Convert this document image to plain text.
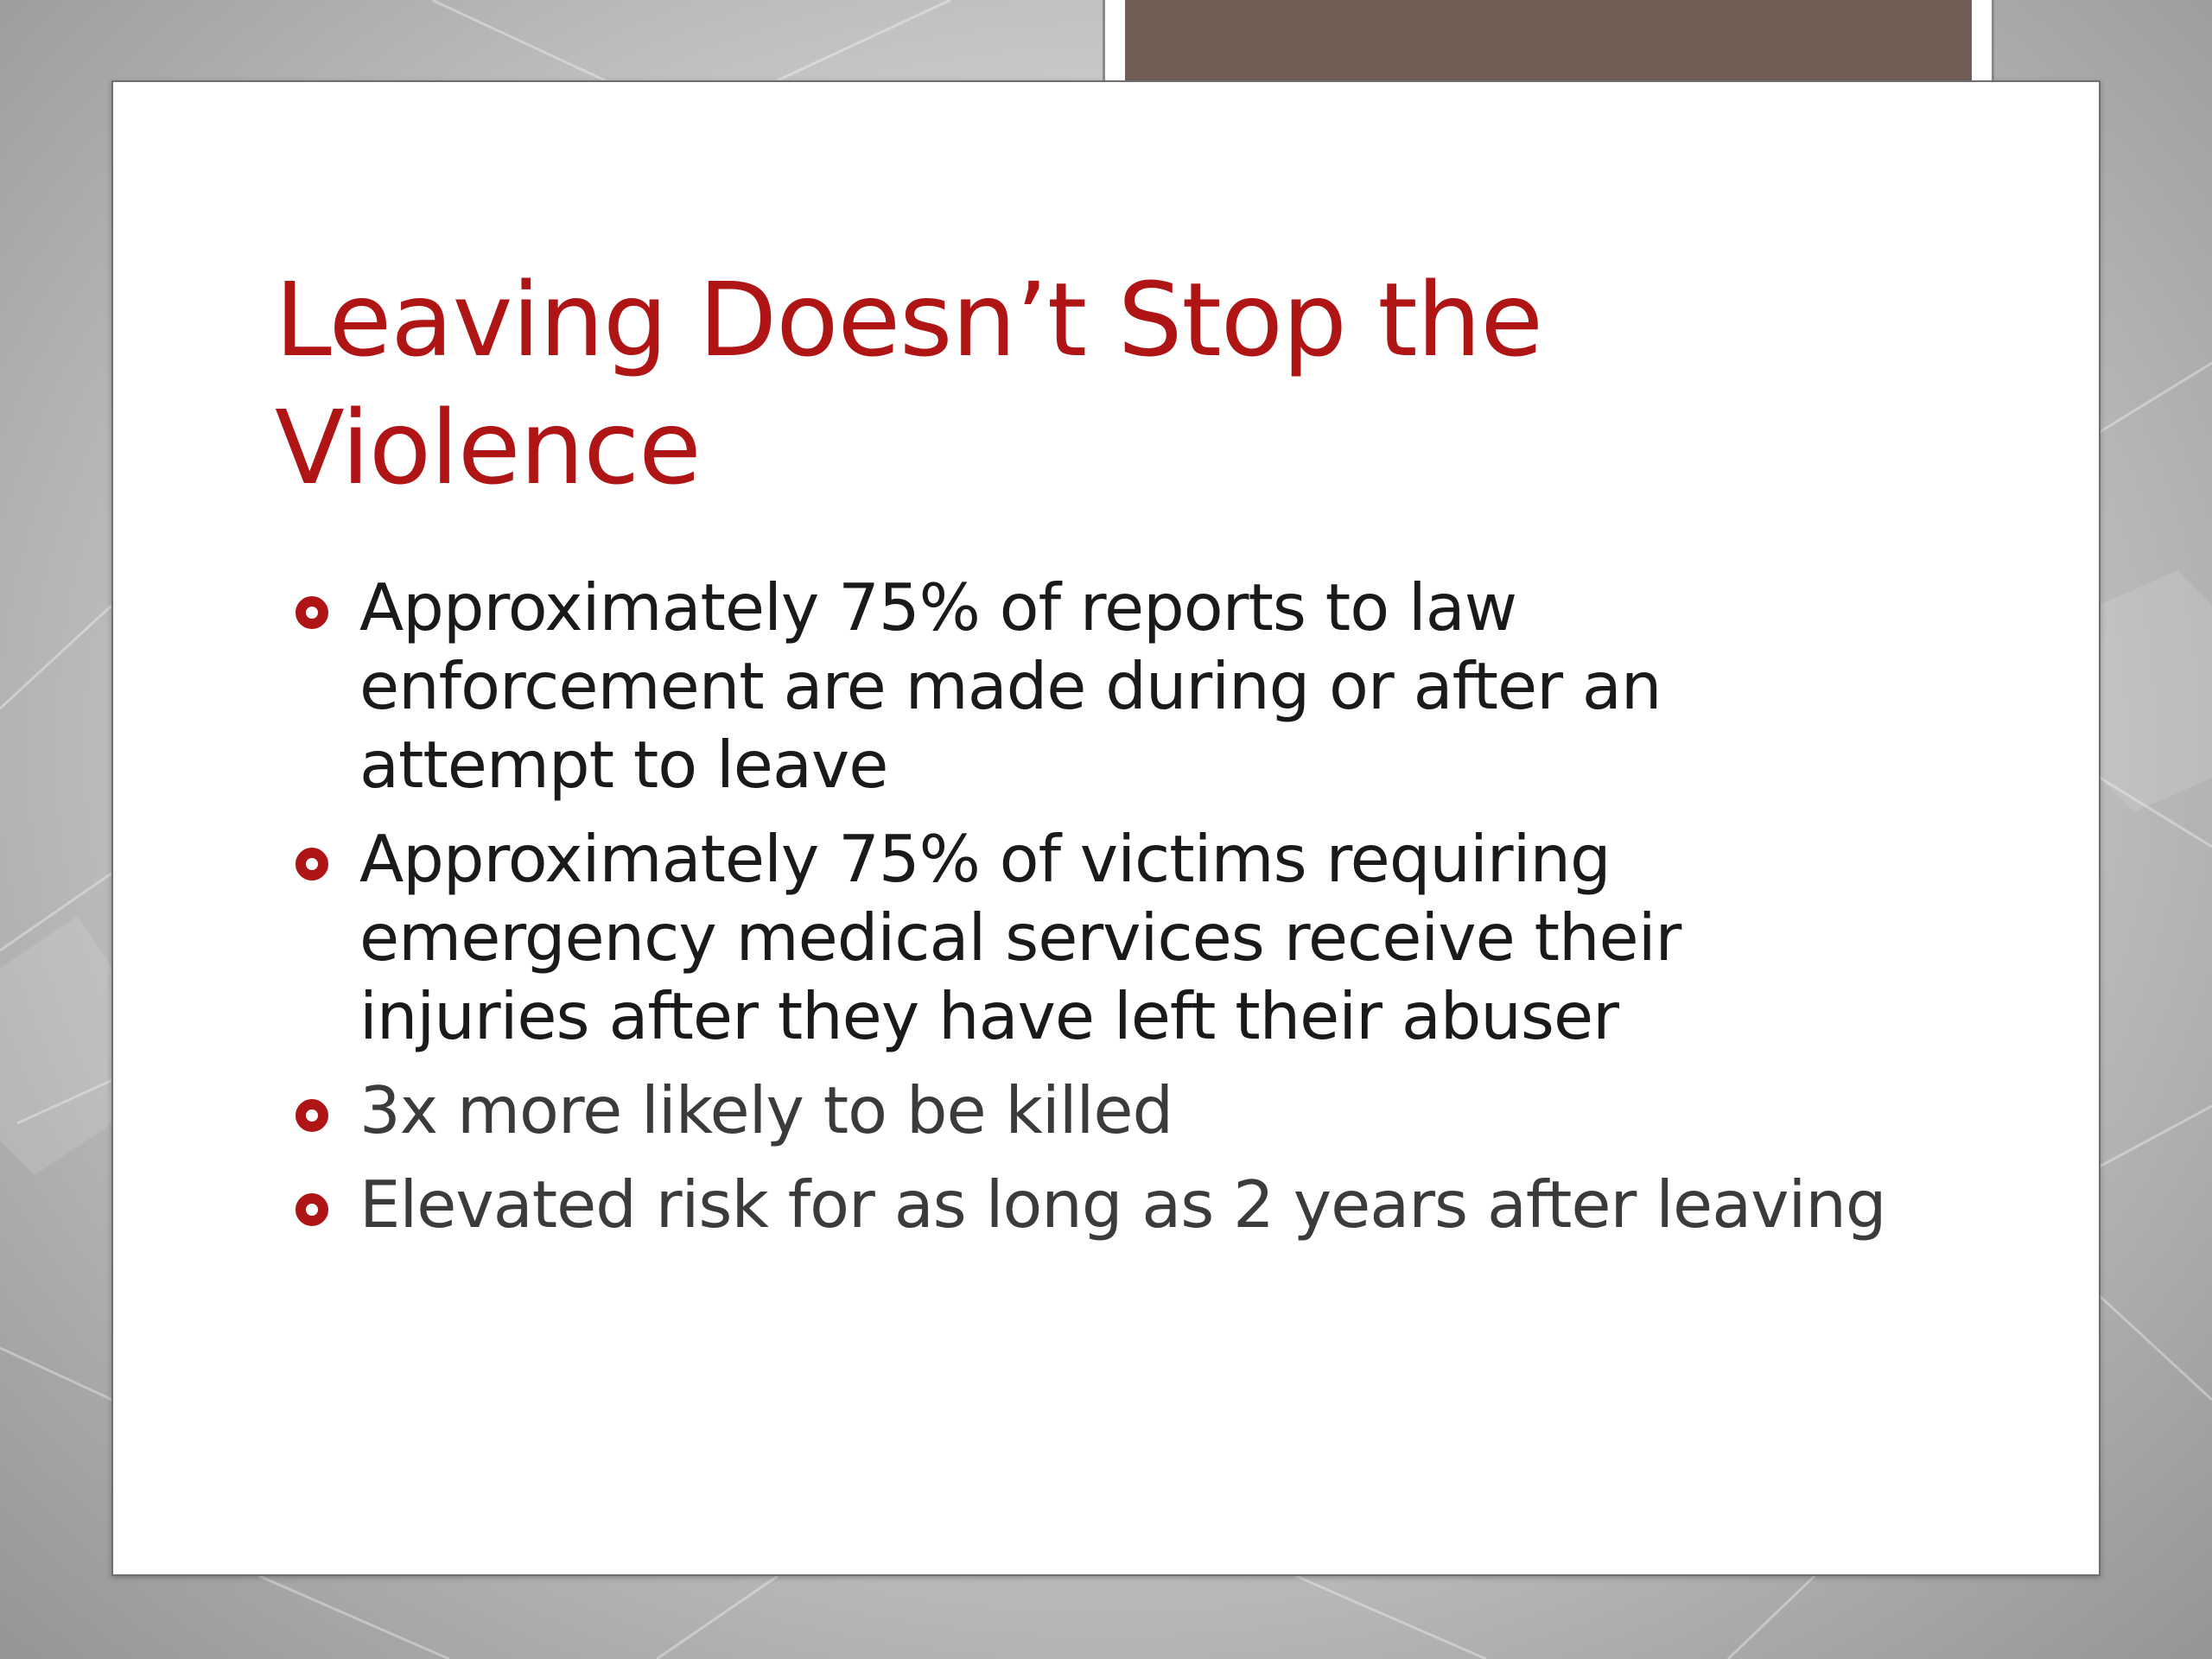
Leaving Doesn’t Stop the Violence
Approximately 75% of reports to law enforcement are made during or after an attempt to leave
Approximately 75% of victims requiring emergency medical services receive their injuries after they have left their abuser
3x more likely to be killed
Elevated risk for as long as 2 years after leaving
